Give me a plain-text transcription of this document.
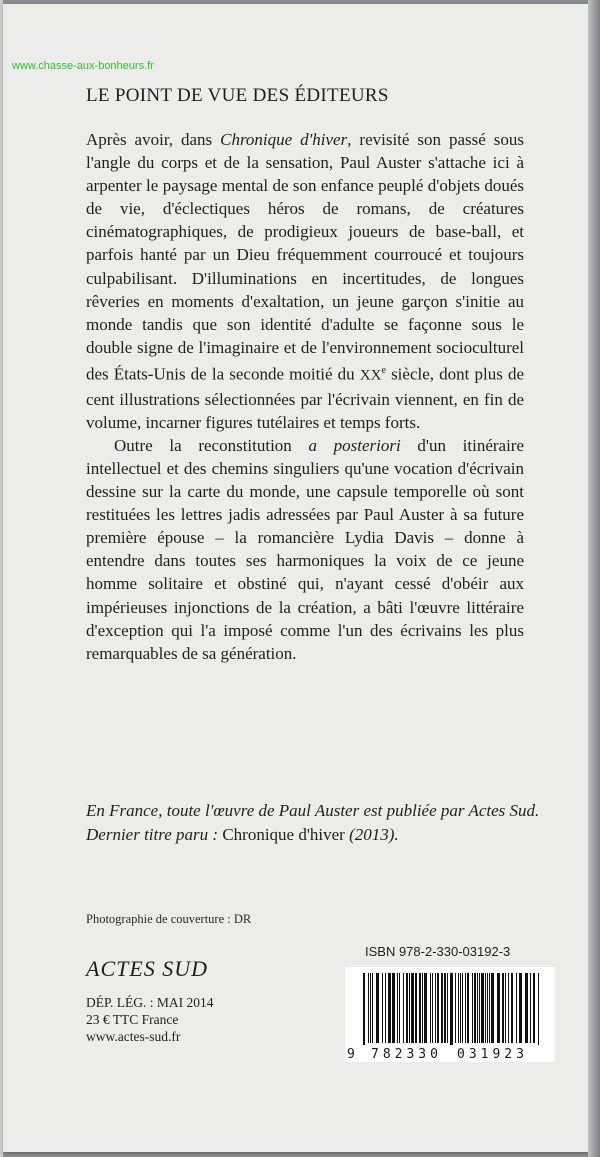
www.chasse-aux-bonheurs.fr
LE POINT DE VUE DES ÉDITEURS

Après avoir, dans Chronique d'hiver, revisité son passé sous l'angle du corps et de la sensation, Paul Auster s'attache ici à arpenter le paysage mental de son enfance peuplé d'objets doués de vie, d'éclectiques héros de romans, de créatures cinématographiques, de prodigieux joueurs de base-ball, et parfois hanté par un Dieu fréquemment courroucé et toujours culpabilisant. D'illuminations en incertitudes, de longues rêveries en moments d'exaltation, un jeune garçon s'initie au monde tandis que son identité d'adulte se façonne sous le double signe de l'imaginaire et de l'environnement socioculturel des États-Unis de la seconde moitié du XXe siècle, dont plus de cent illustrations sélectionnées par l'écrivain viennent, en fin de volume, incarner figures tutélaires et temps forts.

Outre la reconstitution a posteriori d'un itinéraire intellectuel et des chemins singuliers qu'une vocation d'écrivain dessine sur la carte du monde, une capsule temporelle où sont restituées les lettres jadis adressées par Paul Auster à sa future première épouse – la romancière Lydia Davis – donne à entendre dans toutes ses harmoniques la voix de ce jeune homme solitaire et obstiné qui, n'ayant cessé d'obéir aux impérieuses injonctions de la création, a bâti l'œuvre littéraire d'exception qui l'a imposé comme l'un des écrivains les plus remarquables de sa génération.

En France, toute l'œuvre de Paul Auster est publiée par Actes Sud.
Dernier titre paru : Chronique d'hiver (2013).
Photographie de couverture : DR
ACTES SUD
DÉP. LÉG. : MAI 2014
23 € TTC France
www.actes-sud.fr
ISBN 978-2-330-03192-3
9 782330 031923
